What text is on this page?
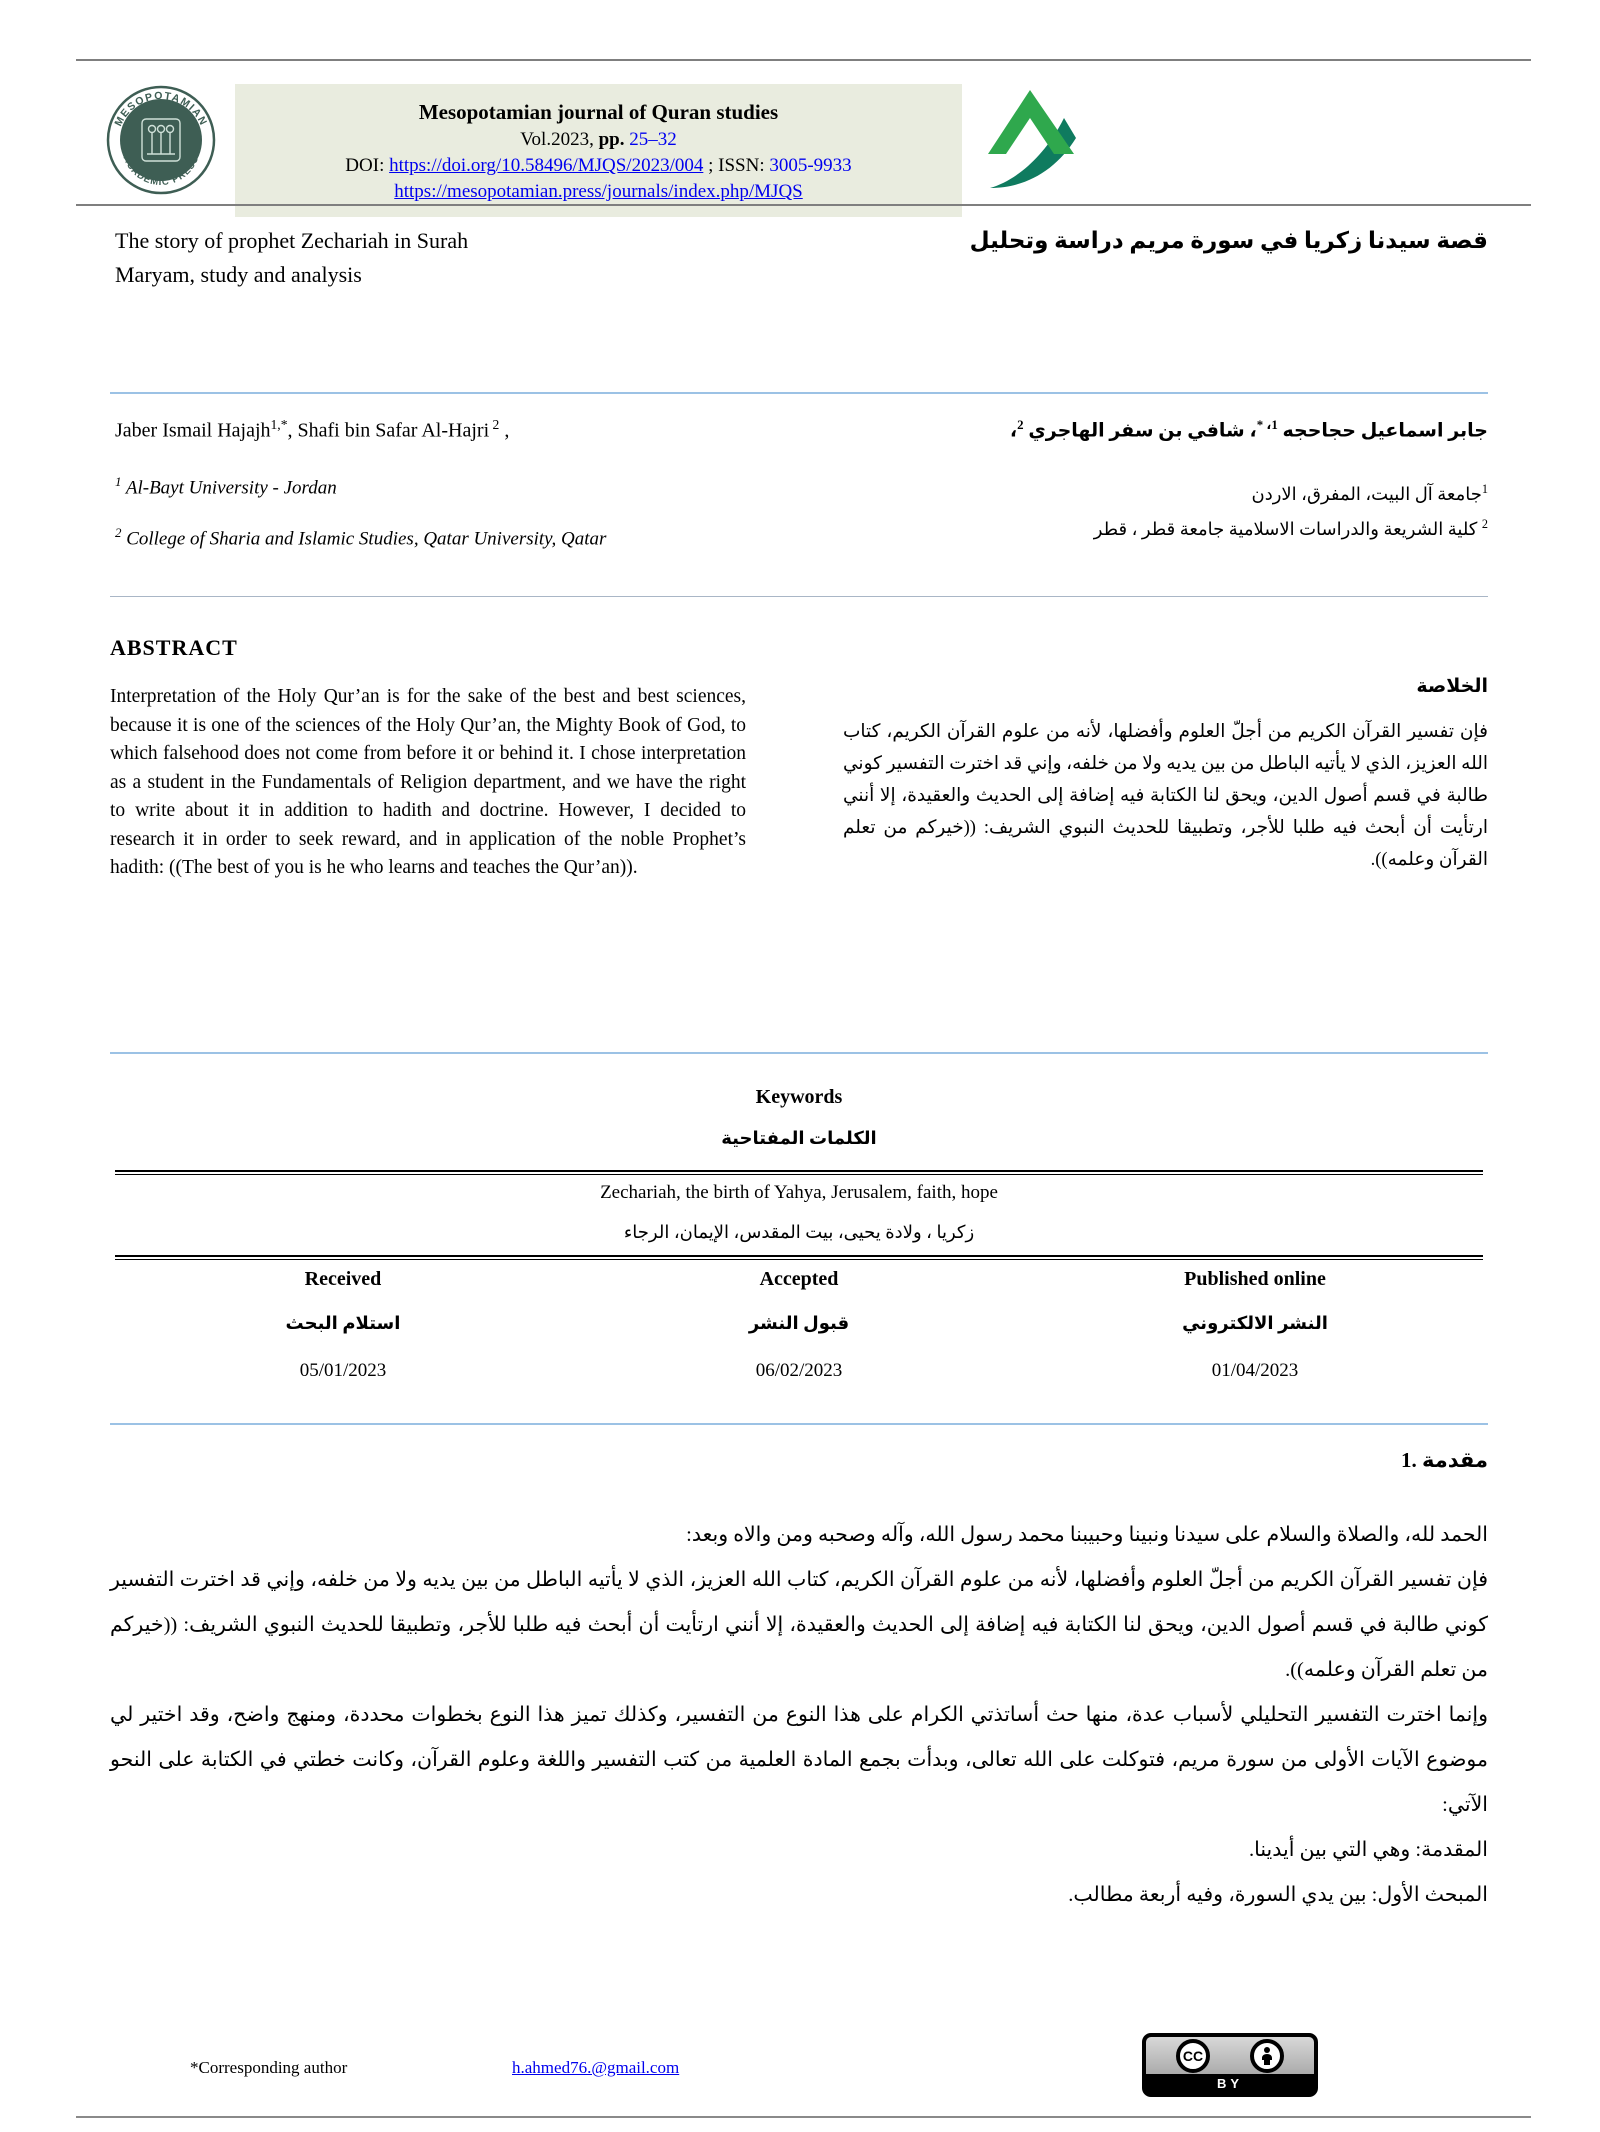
MESOPOTAMIAN
ACADEMIC PRESS
Mesopotamian journal of Quran studies
Vol.2023, pp. 25–32
DOI: https://doi.org/10.58496/MJQS/2023/004 ; ISSN: 3005-9933
https://mesopotamian.press/journals/index.php/MJQS
The story of prophet Zechariah in Surah Maryam, study and analysis
قصة سيدنا زكريا في سورة مريم دراسة وتحليل
Jaber Ismail Hajajh$^{1,*}$, Shafi bin Safar Al-Hajri $^2$ ,	جابر اسماعيل حجاحجه $^{1، *}$، شافي بن سفر الهاجري $^2$،
$^1$ Al-Bayt University - Jordan
$^2$ College of Sharia and Islamic Studies, Qatar University, Qatar
$^1$جامعة آل البيت، المفرق، الاردن
$^2$ كلية الشريعة والدراسات الاسلامية جامعة قطر ، قطر
ABSTRACT

Interpretation of the Holy Qur’an is for the sake of the best and best sciences, because it is one of the sciences of the Holy Qur’an, the Mighty Book of God, to which falsehood does not come from before it or behind it. I chose interpretation as a student in the Fundamentals of Religion department, and we have the right to write about it in addition to hadith and doctrine. However, I decided to research it in order to seek reward, and in application of the noble Prophet’s hadith: ((The best of you is he who learns and teaches the Qur’an)).

الخلاصة

فإن تفسير القرآن الكريم من أجلّ العلوم وأفضلها، لأنه من علوم القرآن الكريم، كتاب الله العزيز، الذي لا يأتيه الباطل من بين يديه ولا من خلفه، وإني قد اخترت التفسير كوني طالبة في قسم أصول الدين، ويحق لنا الكتابة فيه إضافة إلى الحديث والعقيدة، إلا أنني ارتأيت أن أبحث فيه طلبا للأجر، وتطبيقا للحديث النبوي الشريف: ((خيركم من تعلم القرآن وعلمه)).

Keywords
الكلمات المفتاحية
Zechariah, the birth of Yahya, Jerusalem, faith, hope
زكريا ، ولادة يحيى، بيت المقدس، الإيمان، الرجاء
Received
استلام البحث
05/01/2023
Accepted
قبول النشر
06/02/2023
Published online
النشر الالكتروني
01/04/2023
1. مقدمة

الحمد لله، والصلاة والسلام على سيدنا ونبينا وحبيبنا محمد رسول الله، وآله وصحبه ومن والاه وبعد:

فإن تفسير القرآن الكريم من أجلّ العلوم وأفضلها، لأنه من علوم القرآن الكريم، كتاب الله العزيز، الذي لا يأتيه الباطل من بين يديه ولا من خلفه، وإني قد اخترت التفسير كوني طالبة في قسم أصول الدين، ويحق لنا الكتابة فيه إضافة إلى الحديث والعقيدة، إلا أنني ارتأيت أن أبحث فيه طلبا للأجر، وتطبيقا للحديث النبوي الشريف: ((خيركم من تعلم القرآن وعلمه)).

وإنما اخترت التفسير التحليلي لأسباب عدة، منها حث أساتذتي الكرام على هذا النوع من التفسير، وكذلك تميز هذا النوع بخطوات محددة، ومنهج واضح، وقد اختير لي موضوع الآيات الأولى من سورة مريم، فتوكلت على الله تعالى، وبدأت بجمع المادة العلمية من كتب التفسير واللغة وعلوم القرآن، وكانت خطتي في الكتابة على النحو الآتي:

المقدمة: وهي التي بين أيدينا.

المبحث الأول: بين يدي السورة، وفيه أربعة مطالب.

*Corresponding author	h.ahmed76.@gmail.com
CC
BY
